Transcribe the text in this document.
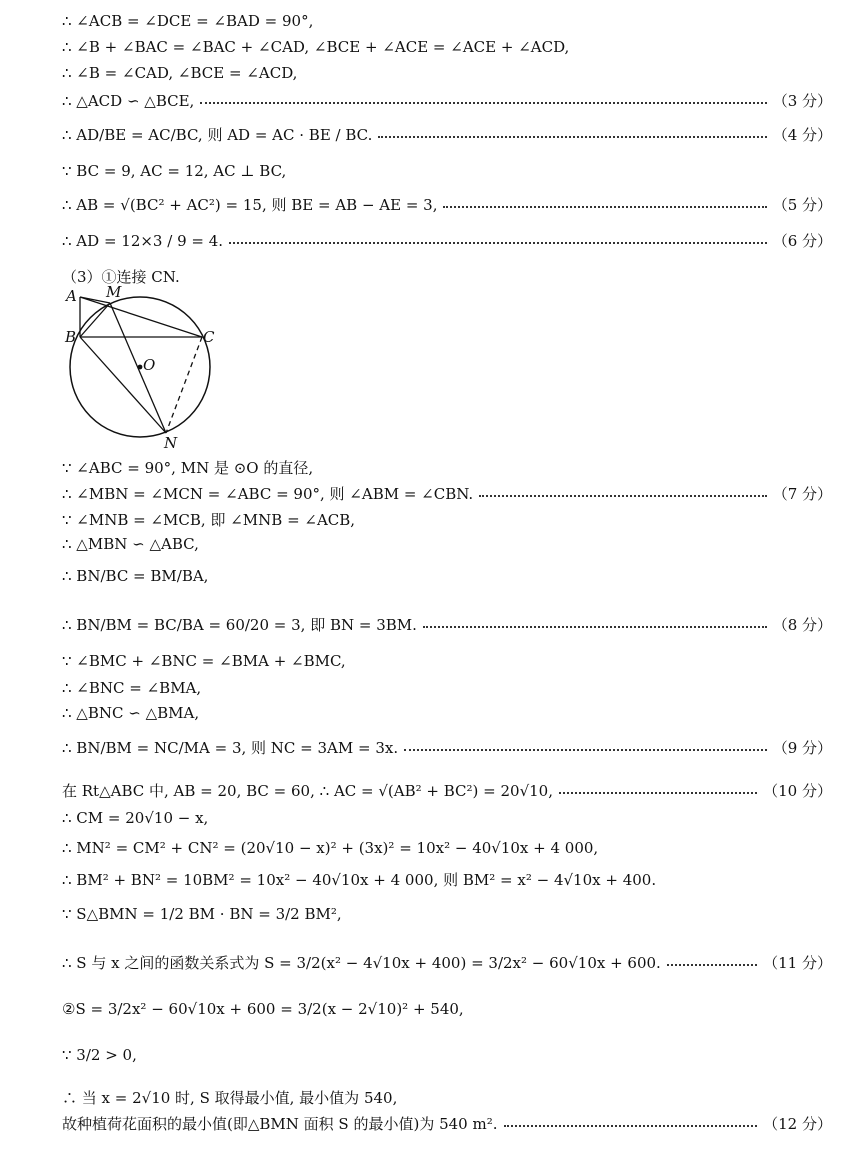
∴ ∠ACB = ∠DCE = ∠BAD = 90°,
∴ ∠B + ∠BAC = ∠BAC + ∠CAD, ∠BCE + ∠ACE = ∠ACE + ∠ACD,
∴ ∠B = ∠CAD, ∠BCE = ∠ACD,
∴ △ACD ∽ △BCE,	（3 分）
∴ AD/BE = AC/BC, 则 AD = AC · BE / BC.	（4 分）
∵ BC = 9, AC = 12, AC ⊥ BC,
∴ AB = √(BC² + AC²) = 15, 则 BE = AB − AE = 3,	（5 分）
∴ AD = 12×3 / 9 = 4.	（6 分）
（3）①连接 CN.
A M
B	C
O
N
∵ ∠ABC = 90°, MN 是 ⊙O 的直径,
∴ ∠MBN = ∠MCN = ∠ABC = 90°, 则 ∠ABM = ∠CBN.	（7 分）
∵ ∠MNB = ∠MCB, 即 ∠MNB = ∠ACB,
∴ △MBN ∽ △ABC,
∴ BN/BC = BM/BA,
∴ BN/BM = BC/BA = 60/20 = 3, 即 BN = 3BM.	（8 分）
∵ ∠BMC + ∠BNC = ∠BMA + ∠BMC,
∴ ∠BNC = ∠BMA,
∴ △BNC ∽ △BMA,
∴ BN/BM = NC/MA = 3, 则 NC = 3AM = 3x.	（9 分）
在 Rt△ABC 中, AB = 20, BC = 60, ∴ AC = √(AB² + BC²) = 20√10,	（10 分）
∴ CM = 20√10 − x,
∴ MN² = CM² + CN² = (20√10 − x)² + (3x)² = 10x² − 40√10x + 4 000,
∴ BM² + BN² = 10BM² = 10x² − 40√10x + 4 000, 则 BM² = x² − 4√10x + 400.
∵ S△BMN = 1/2 BM · BN = 3/2 BM²,
∴ S 与 x 之间的函数关系式为 S = 3/2(x² − 4√10x + 400) = 3/2x² − 60√10x + 600.	（11 分）
②S = 3/2x² − 60√10x + 600 = 3/2(x − 2√10)² + 540,
∵ 3/2 > 0,
∴ 当 x = 2√10 时, S 取得最小值, 最小值为 540,
故种植荷花面积的最小值(即△BMN 面积 S 的最小值)为 540 m².	（12 分）
